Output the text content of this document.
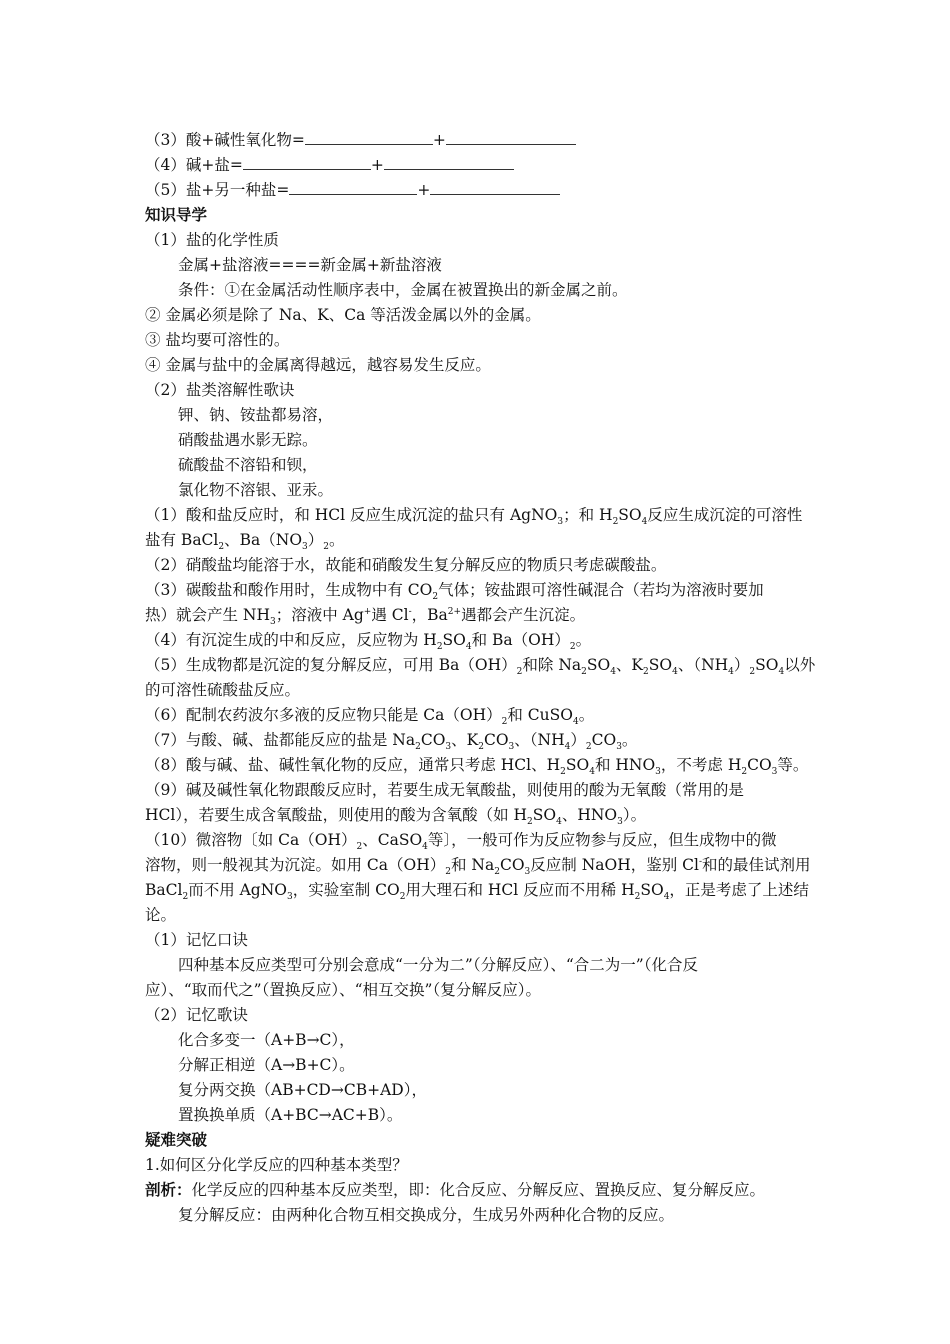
（3）酸+碱性氧化物=	+
（4）碱+盐=	+
（5）盐+另一种盐=	+
知识导学
（1）盐的化学性质
金属+盐溶液====新金属+新盐溶液
条件：①在金属活动性顺序表中，金属在被置换出的新金属之前。
② 金属必须是除了 Na、K、Ca 等活泼金属以外的金属。
③ 盐均要可溶性的。
④ 金属与盐中的金属离得越远，越容易发生反应。
（2）盐类溶解性歌诀
钾、钠、铵盐都易溶，
硝酸盐遇水影无踪。
硫酸盐不溶铅和钡，
氯化物不溶银、亚汞。
（1）酸和盐反应时，和 HCl 反应生成沉淀的盐只有 AgNO$_3$；和 $H_2SO_4$反应生成沉淀的可溶性
盐有 BaCl$_2$、$Ba(NO_3)_2$。
（2）硝酸盐均能溶于水，故能和硝酸发生复分解反应的物质只考虑碳酸盐。
（3）碳酸盐和酸作用时，生成物中有 $CO_2$气体；铵盐跟可溶性碱混合（若均为溶液时要加
热）就会产生 $NH_3$；溶液中 Ag+遇 Cl-，$Ba^{2+}$遇都会产生沉淀。
（4）有沉淀生成的中和反应，反应物为 $H_2SO_4$和 $Ba(OH)_2$。
（5）生成物都是沉淀的复分解反应，可用 $Ba(OH)_2$和除 $Na_2SO_4$、$K_2SO_4$、$(NH_4)_2SO_4$以外
的可溶性硫酸盐反应。
（6）配制农药波尔多液的反应物只能是 $Ca(OH)_2$和 CuSO$_4$。
（7）与酸、碱、盐都能反应的盐是 $Na_2CO_3$、$K_2CO_3$、$(NH_4)_2CO_3$。
（8）酸与碱、盐、碱性氧化物的反应，通常只考虑 HCl、$H_2SO_4$和 $HNO_3$，不考虑 $H_2CO_3$等。
（9）碱及碱性氧化物跟酸反应时，若要生成无氧酸盐，则使用的酸为无氧酸（常用的是
HCl），若要生成含氧酸盐，则使用的酸为含氧酸（如 $H_2SO_4$、$HNO_3$）。
（10）微溶物〔如 $Ca(OH)_2$、CaSO$_4$等〕，一般可作为反应物参与反应，但生成物中的微
溶物，则一般视其为沉淀。如用 $Ca(OH)_2$和 $Na_2CO_3$反应制 NaOH，鉴别 Cl-和的最佳试剂用
BaCl$_2$而不用 AgNO$_3$，实验室制 $CO_2$用大理石和 HCl 反应而不用稀 $H_2SO_4$，正是考虑了上述结
论。
（1）记忆口诀
四种基本反应类型可分别会意成“一分为二”（分解反应）、“合二为一”（化合反
应）、“取而代之”（置换反应）、“相互交换”（复分解反应）。
（2）记忆歌诀
化合多变一（A+B→C），
分解正相逆（A→B+C）。
复分两交换（AB+CD→CB+AD），
置换换单质（A+BC→AC+B）。
疑难突破
1.如何区分化学反应的四种基本类型？
剖析：化学反应的四种基本反应类型，即：化合反应、分解反应、置换反应、复分解反应。
复分解反应：由两种化合物互相交换成分，生成另外两种化合物的反应。
